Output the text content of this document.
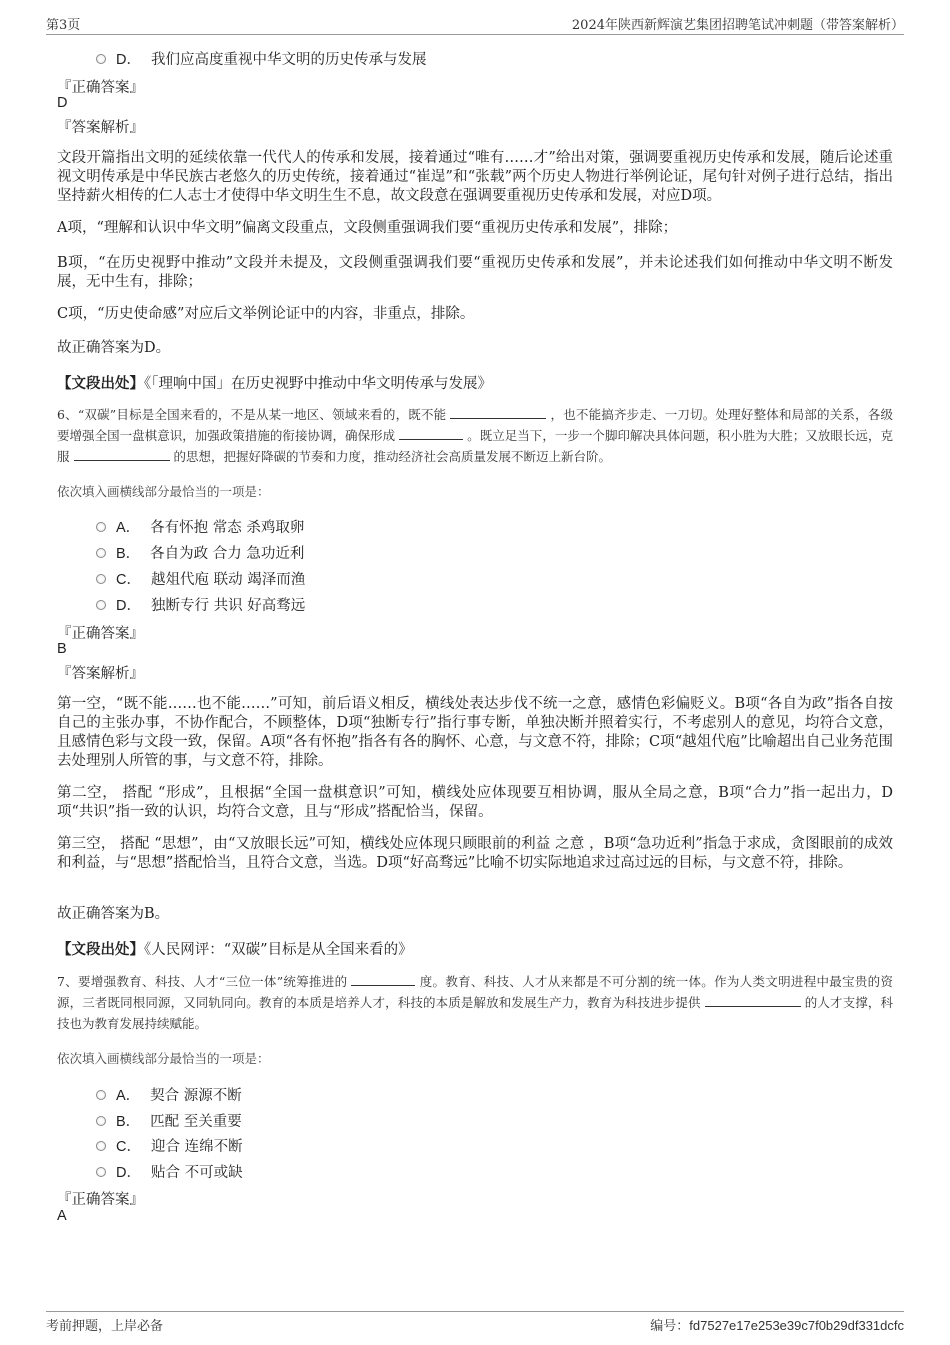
第3页	2024年陕西新辉演艺集团招聘笔试冲刺题（带答案解析）
D． 我们应高度重视中华文明的历史传承与发展
『正确答案』
D
『答案解析』
文段开篇指出文明的延续依靠一代代人的传承和发展，接着通过“唯有……才”给出对策，强调要重视历史传承和发展，随后论述重视文明传承是中华民族古老悠久的历史传统，接着通过“崔逞”和“张载”两个历史人物进行举例论证，尾句针对例子进行总结，指出坚持薪火相传的仁人志士才使得中华文明生生不息，故文段意在强调要重视历史传承和发展，对应D项。
A项，“理解和认识中华文明”偏离文段重点，文段侧重强调我们要“重视历史传承和发展”，排除；
B项，“在历史视野中推动”文段并未提及，文段侧重强调我们要“重视历史传承和发展”，并未论述我们如何推动中华文明不断发展，无中生有，排除；
C项，“历史使命感”对应后文举例论证中的内容，非重点，排除。
故正确答案为D。
【文段出处】《「理响中国」在历史视野中推动中华文明传承与发展》
6、“双碳”目标是全国来看的，不是从某一地区、领域来看的，既不能	，也不能搞齐步走、一刀切。处理好整体和局部的关系，各级要增强全国一盘棋意识，加强政策措施的衔接协调，确保形成	。既立足当下，一步一个脚印解决具体问题，积小胜为大胜；又放眼长远，克服	的思想，把握好降碳的节奏和力度，推动经济社会高质量发展不断迈上新台阶。
依次填入画横线部分最恰当的一项是：
A． 各有怀抱 常态 杀鸡取卵
B． 各自为政 合力 急功近利
C． 越俎代庖 联动 竭泽而渔
D． 独断专行 共识 好高骛远
『正确答案』
B
『答案解析』
第一空，“既不能……也不能……”可知，前后语义相反，横线处表达步伐不统一之意，感情色彩偏贬义。B项“各自为政”指各自按自己的主张办事，不协作配合，不顾整体，D项“独断专行”指行事专断，单独决断并照着实行，不考虑别人的意见，均符合文意，且感情色彩与文段一致，保留。A项“各有怀抱”指各有各的胸怀、心意，与文意不符，排除；C项“越俎代庖”比喻超出自己业务范围去处理别人所管的事，与文意不符，排除。
第二空， 搭配 “形成”，且根据“全国一盘棋意识”可知，横线处应体现要互相协调，服从全局之意，B项“合力”指一起出力，D项“共识”指一致的认识，均符合文意，且与“形成”搭配恰当，保留。
第三空， 搭配 “思想”，由“又放眼长远”可知，横线处应体现只顾眼前的利益 之意 ，B项“急功近利”指急于求成，贪图眼前的成效和利益，与“思想”搭配恰当，且符合文意，当选。D项“好高骛远”比喻不切实际地追求过高过远的目标，与文意不符，排除。
故正确答案为B。
【文段出处】《人民网评：“双碳”目标是从全国来看的》
7、要增强教育、科技、人才“三位一体”统筹推进的	度。教育、科技、人才从来都是不可分割的统一体。作为人类文明进程中最宝贵的资源，三者既同根同源，又同轨同向。教育的本质是培养人才，科技的本质是解放和发展生产力，教育为科技进步提供	的人才支撑，科技也为教育发展持续赋能。
依次填入画横线部分最恰当的一项是：
A． 契合 源源不断
B． 匹配 至关重要
C． 迎合 连绵不断
D． 贴合 不可或缺
『正确答案』
A
考前押题，上岸必备	编号：fd7527e17e253e39c7f0b29df331dcfc
